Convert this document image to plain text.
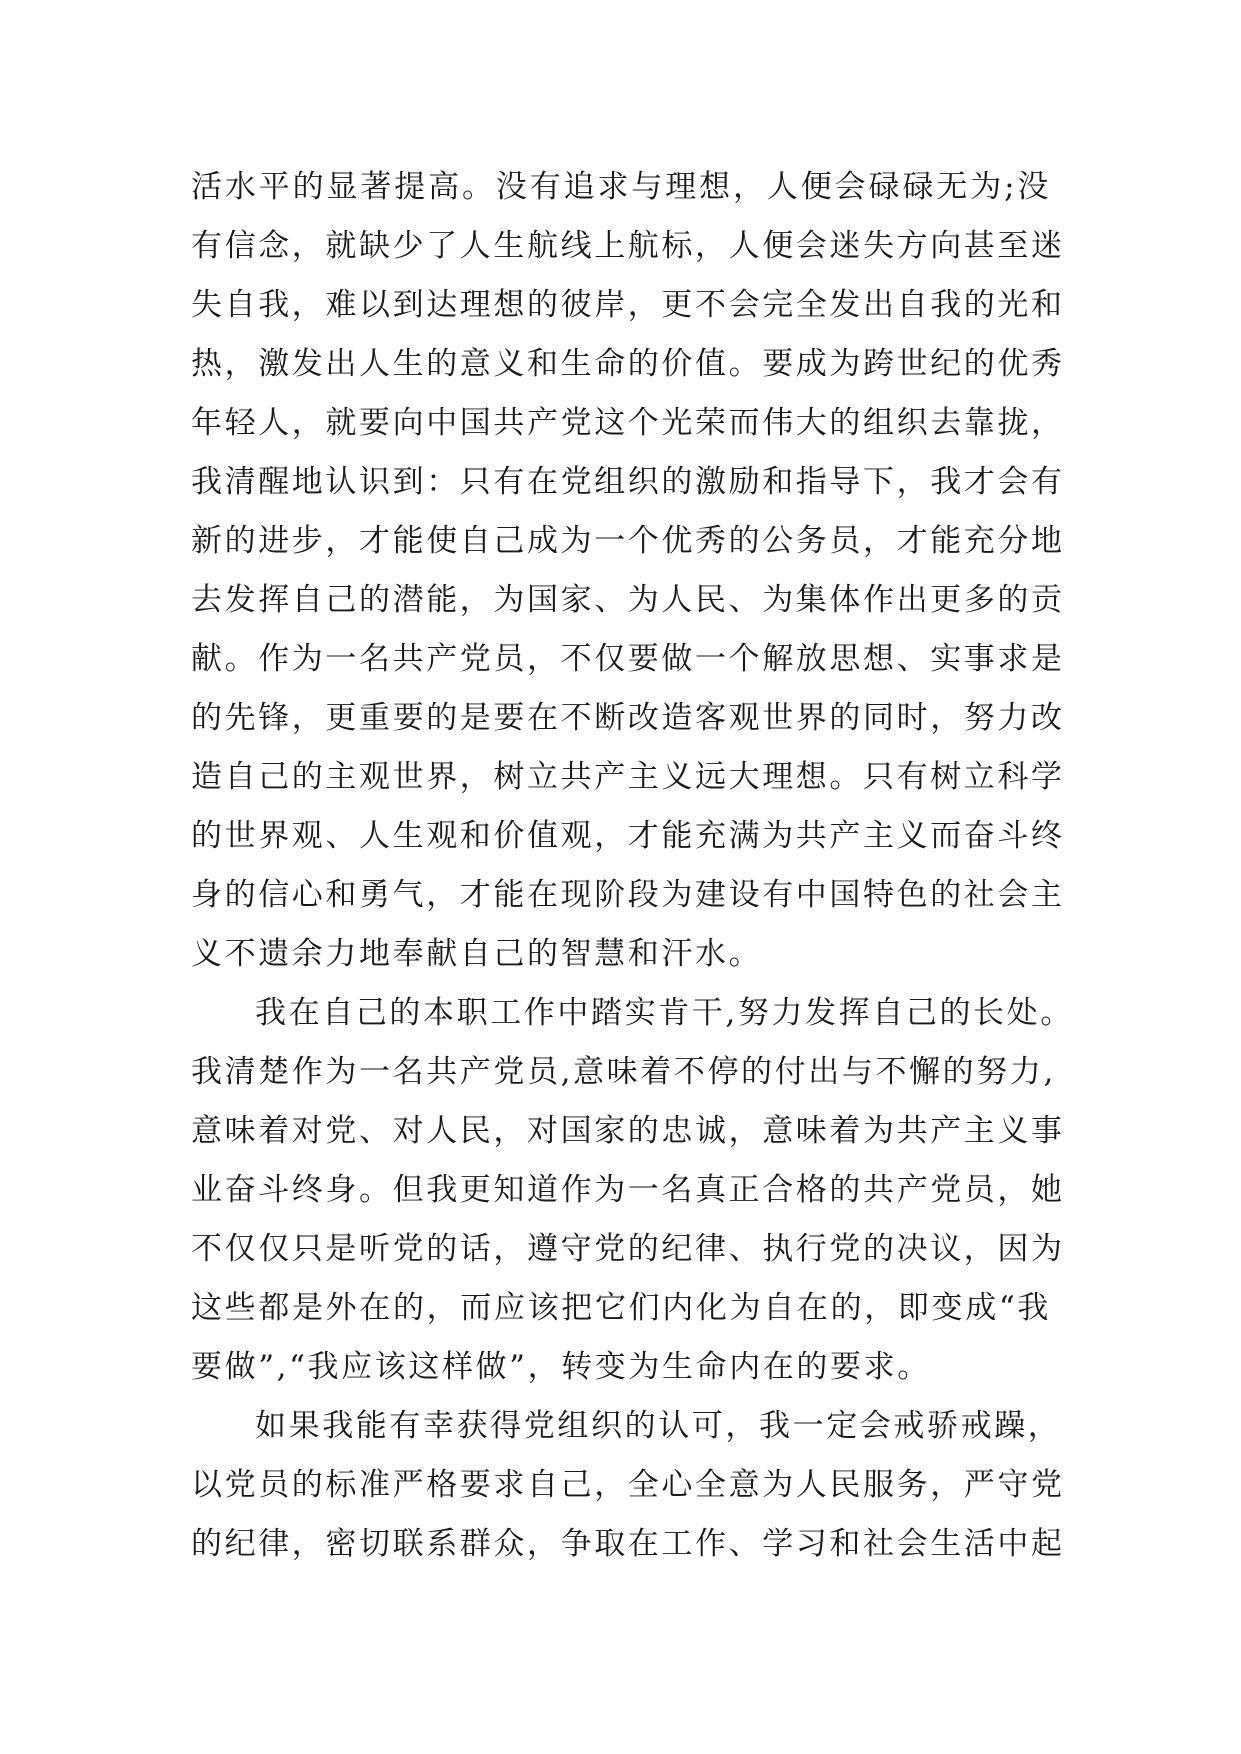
活水平的显著提高。没有追求与理想，人便会碌碌无为;没
有信念，就缺少了人生航线上航标，人便会迷失方向甚至迷
失自我，难以到达理想的彼岸，更不会完全发出自我的光和
热，激发出人生的意义和生命的价值。要成为跨世纪的优秀
年轻人，就要向中国共产党这个光荣而伟大的组织去靠拢，
我清醒地认识到：只有在党组织的激励和指导下，我才会有
新的进步，才能使自己成为一个优秀的公务员，才能充分地
去发挥自己的潜能，为国家、为人民、为集体作出更多的贡
献。作为一名共产党员，不仅要做一个解放思想、实事求是
的先锋，更重要的是要在不断改造客观世界的同时，努力改
造自己的主观世界，树立共产主义远大理想。只有树立科学
的世界观、人生观和价值观，才能充满为共产主义而奋斗终
身的信心和勇气，才能在现阶段为建设有中国特色的社会主
义不遗余力地奉献自己的智慧和汗水。
我在自己的本职工作中踏实肯干,努力发挥自己的长处。
我清楚作为一名共产党员,意味着不停的付出与不懈的努力,
意味着对党、对人民，对国家的忠诚，意味着为共产主义事
业奋斗终身。但我更知道作为一名真正合格的共产党员，她
不仅仅只是听党的话，遵守党的纪律、执行党的决议，因为
这些都是外在的，而应该把它们内化为自在的，即变成“我
要做”,“我应该这样做”，转变为生命内在的要求。
如果我能有幸获得党组织的认可，我一定会戒骄戒躁，
以党员的标准严格要求自己，全心全意为人民服务，严守党
的纪律，密切联系群众，争取在工作、学习和社会生活中起
